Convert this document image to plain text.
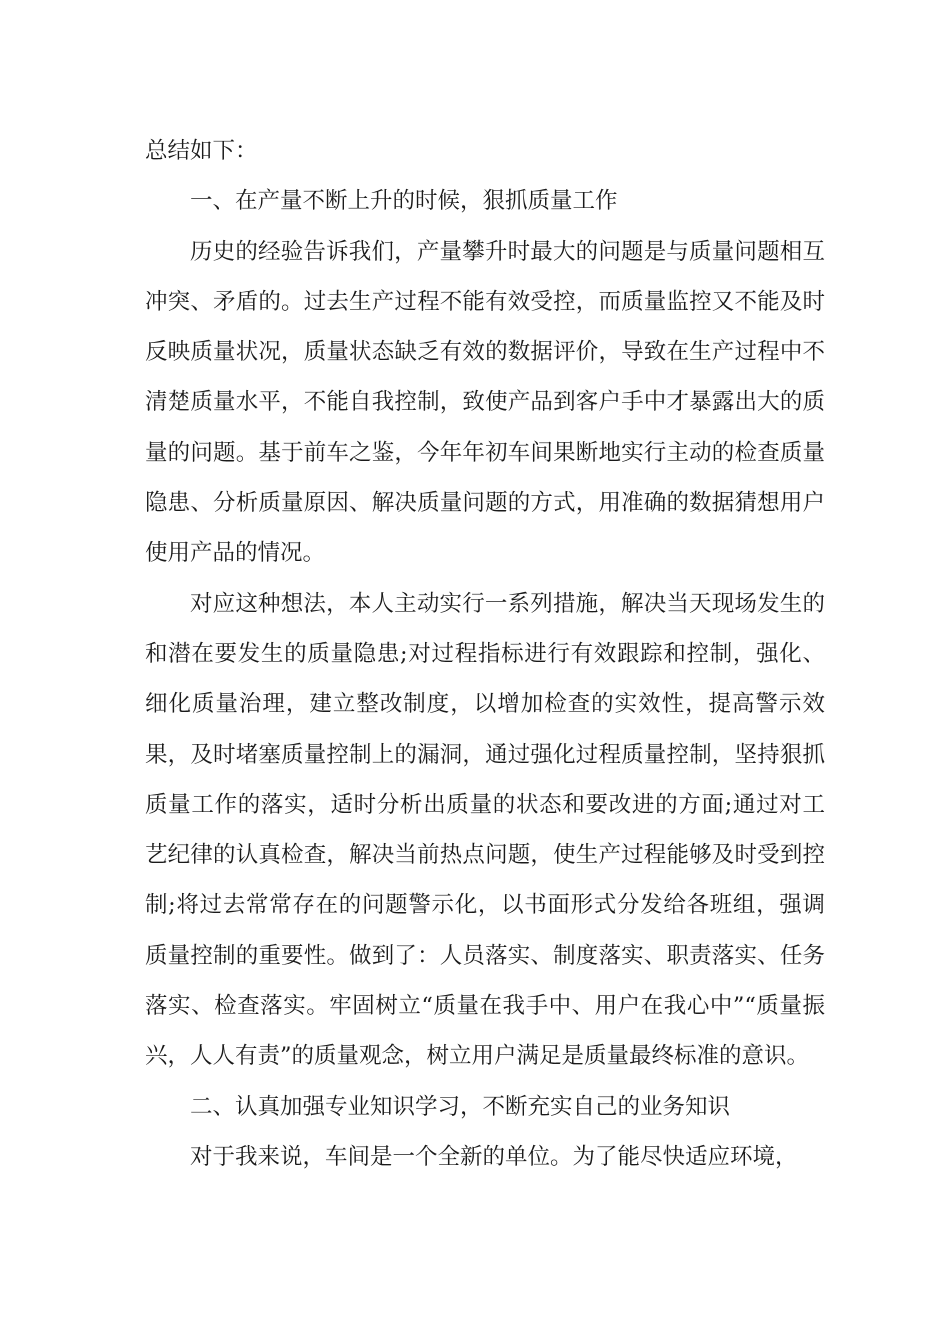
总结如下：

一、在产量不断上升的时候，狠抓质量工作

历史的经验告诉我们，产量攀升时最大的问题是与质量问题相互冲突、矛盾的。过去生产过程不能有效受控，而质量监控又不能及时反映质量状况，质量状态缺乏有效的数据评价，导致在生产过程中不清楚质量水平，不能自我控制，致使产品到客户手中才暴露出大的质量的问题。基于前车之鉴，今年年初车间果断地实行主动的检查质量隐患、分析质量原因、解决质量问题的方式，用准确的数据猜想用户使用产品的情况。

对应这种想法，本人主动实行一系列措施，解决当天现场发生的和潜在要发生的质量隐患;对过程指标进行有效跟踪和控制，强化、细化质量治理，建立整改制度，以增加检查的实效性，提高警示效果，及时堵塞质量控制上的漏洞，通过强化过程质量控制，坚持狠抓质量工作的落实，适时分析出质量的状态和要改进的方面;通过对工艺纪律的认真检查，解决当前热点问题，使生产过程能够及时受到控制;将过去常常存在的问题警示化，以书面形式分发给各班组，强调质量控制的重要性。做到了：人员落实、制度落实、职责落实、任务落实、检查落实。牢固树立“质量在我手中、用户在我心中”“质量振兴，人人有责”的质量观念，树立用户满足是质量最终标准的意识。

二、认真加强专业知识学习，不断充实自己的业务知识

对于我来说，车间是一个全新的单位。为了能尽快适应环境，
